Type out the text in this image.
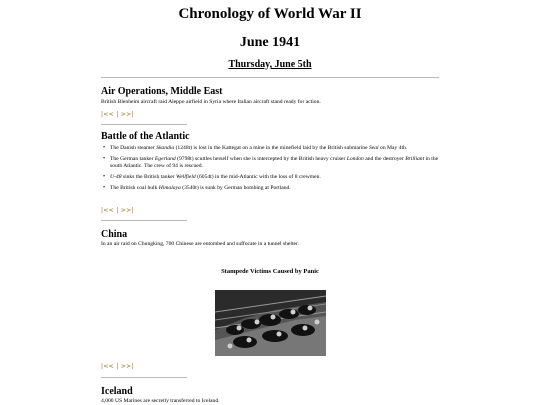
Chronology of World War II
June 1941
Thursday, June 5th
Air Operations, Middle East

British Blenheim aircraft raid Aleppo airfield in Syria where Italian aircraft stand ready for action.

|<< | >>|
Battle of the Atlantic
• The Danish steamer Skandia (1248t) is lost in the Kattegat on a mine in the minefield laid by the British submarine Seal on May 4th.
• The German tanker Egerland (9798t) scuttles herself when she is intercepted by the British heavy cruiser London and the destroyer Brilliant in the south Atlantic. The crew of 94 is rescued.
• U-48 sinks the British tanker Wellfield (6054t) in the mid-Atlantic with the loss of 8 crewmen.
• The British coal hulk Himalaya (3540t) is sunk by German bombing at Portland.
|<< | >>|
China

In an air raid on Chungking, 700 Chinese are entombed and suffocate in a tunnel shelter.

Stampede Victims Caused by Panic
|<< | >>|
Iceland

4,000 US Marines are secretly transferred to Iceland.
